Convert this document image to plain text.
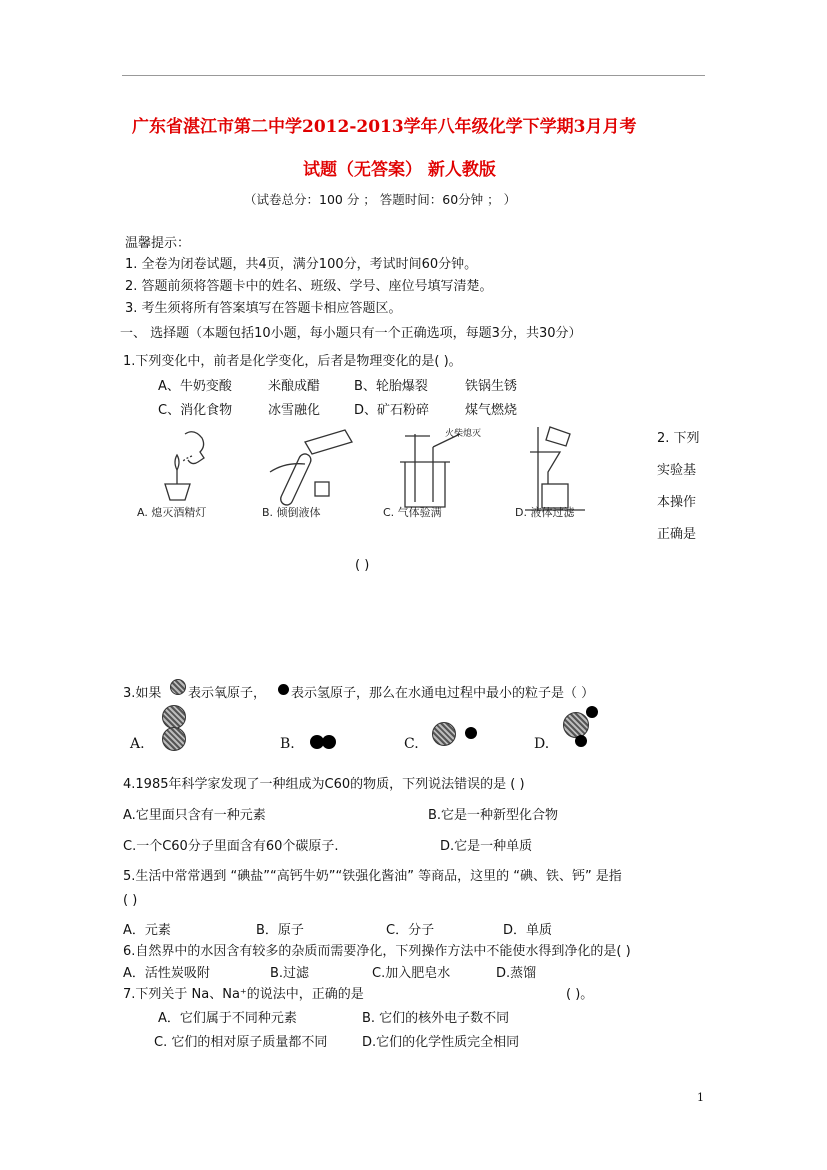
广东省湛江市第二中学2012-2013学年八年级化学下学期3月月考
试题（无答案） 新人教版
（试卷总分：100 分 ； 答题时间：60分钟 ； ）
温馨提示：
1. 全卷为闭卷试题，共4页，满分100分，考试时间60分钟。
2. 答题前须将答题卡中的姓名、班级、学号、座位号填写清楚。
3. 考生须将所有答案填写在答题卡相应答题区。
一、 选择题（本题包括10小题，每小题只有一个正确选项，每题3分，共30分）
1.下列变化中，前者是化学变化，后者是物理变化的是( )。
A、牛奶变酸	米酿成醋	B、轮胎爆裂	铁锅生锈
C、消化食物	冰雪融化	D、矿石粉碎	煤气燃烧
火柴熄灭
A. 熄灭酒精灯	B. 倾倒液体	C. 气体验满	D. 液体过滤
2. 下列
实验基
本操作
正确是
( )
3.如果 表示氧原子， 表示氢原子，那么在水通电过程中最小的粒子是（ ）
A.	B.	C.	D.
4.1985年科学家发现了一种组成为C60的物质，下列说法错误的是 ( )
A.它里面只含有一种元素	B.它是一种新型化合物
C.一个C60分子里面含有60个碳原子.	D.它是一种单质
5.生活中常常遇到 “碘盐”“高钙牛奶”“铁强化酱油” 等商品，这里的 “碘、铁、钙” 是指
( )
A．元素	B．原子	C．分子	D．单质
6.自然界中的水因含有较多的杂质而需要净化，下列操作方法中不能使水得到净化的是( )
A．活性炭吸附	B.过滤	C.加入肥皂水	D.蒸馏
7.下列关于 Na、Na⁺的说法中，正确的是	( )。
A．它们属于不同种元素	B. 它们的核外电子数不同
C. 它们的相对原子质量都不同	D.它们的化学性质完全相同
1
